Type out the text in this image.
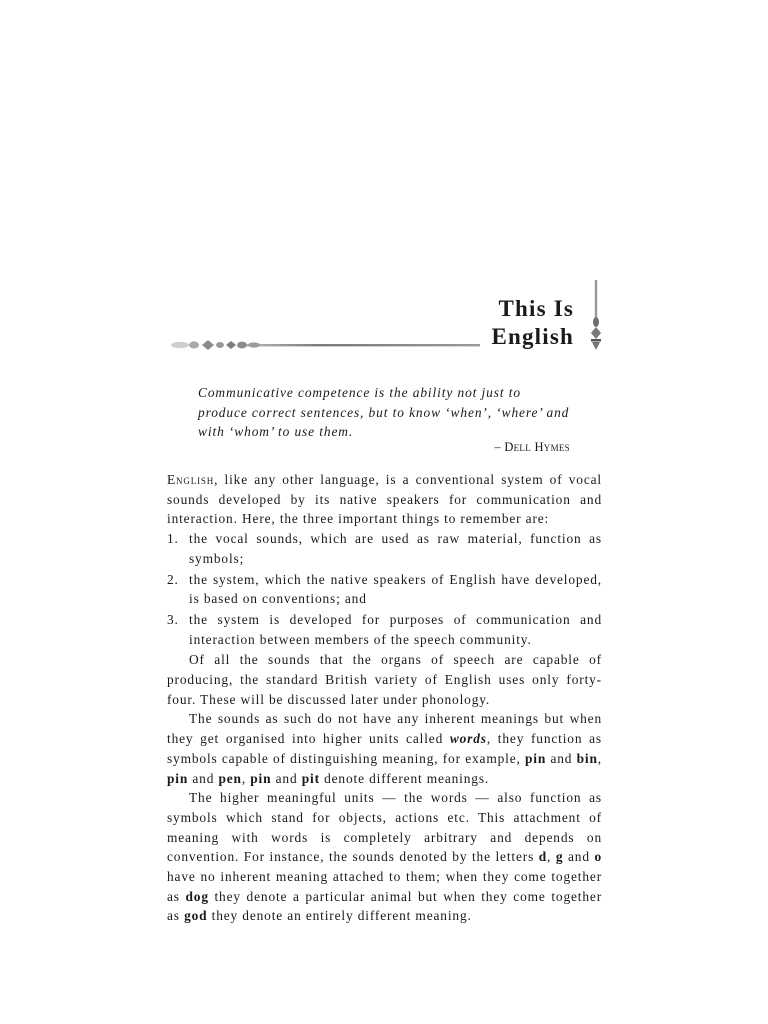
This Is
English
Communicative competence is the ability not just to produce correct sentences, but to know ‘when’, ‘where’ and with ‘whom’ to use them.
– Dell Hymes

English, like any other language, is a conventional system of vocal sounds developed by its native speakers for communication and interaction. Here, the three important things to remember are:

1. the vocal sounds, which are used as raw material, function as symbols;
2. the system, which the native speakers of English have developed, is based on conventions; and
3. the system is developed for purposes of communication and interaction between members of the speech community.

Of all the sounds that the organs of speech are capable of producing, the standard British variety of English uses only forty-four. These will be discussed later under phonology.

The sounds as such do not have any inherent meanings but when they get organised into higher units called words, they function as symbols capable of distinguishing meaning, for example, pin and bin, pin and pen, pin and pit denote different meanings.

The higher meaningful units — the words — also function as symbols which stand for objects, actions etc. This attachment of meaning with words is completely arbitrary and depends on convention. For instance, the sounds denoted by the letters d, g and o have no inherent meaning attached to them; when they come together as dog they denote a particular animal but when they come together as god they denote an entirely different meaning.
